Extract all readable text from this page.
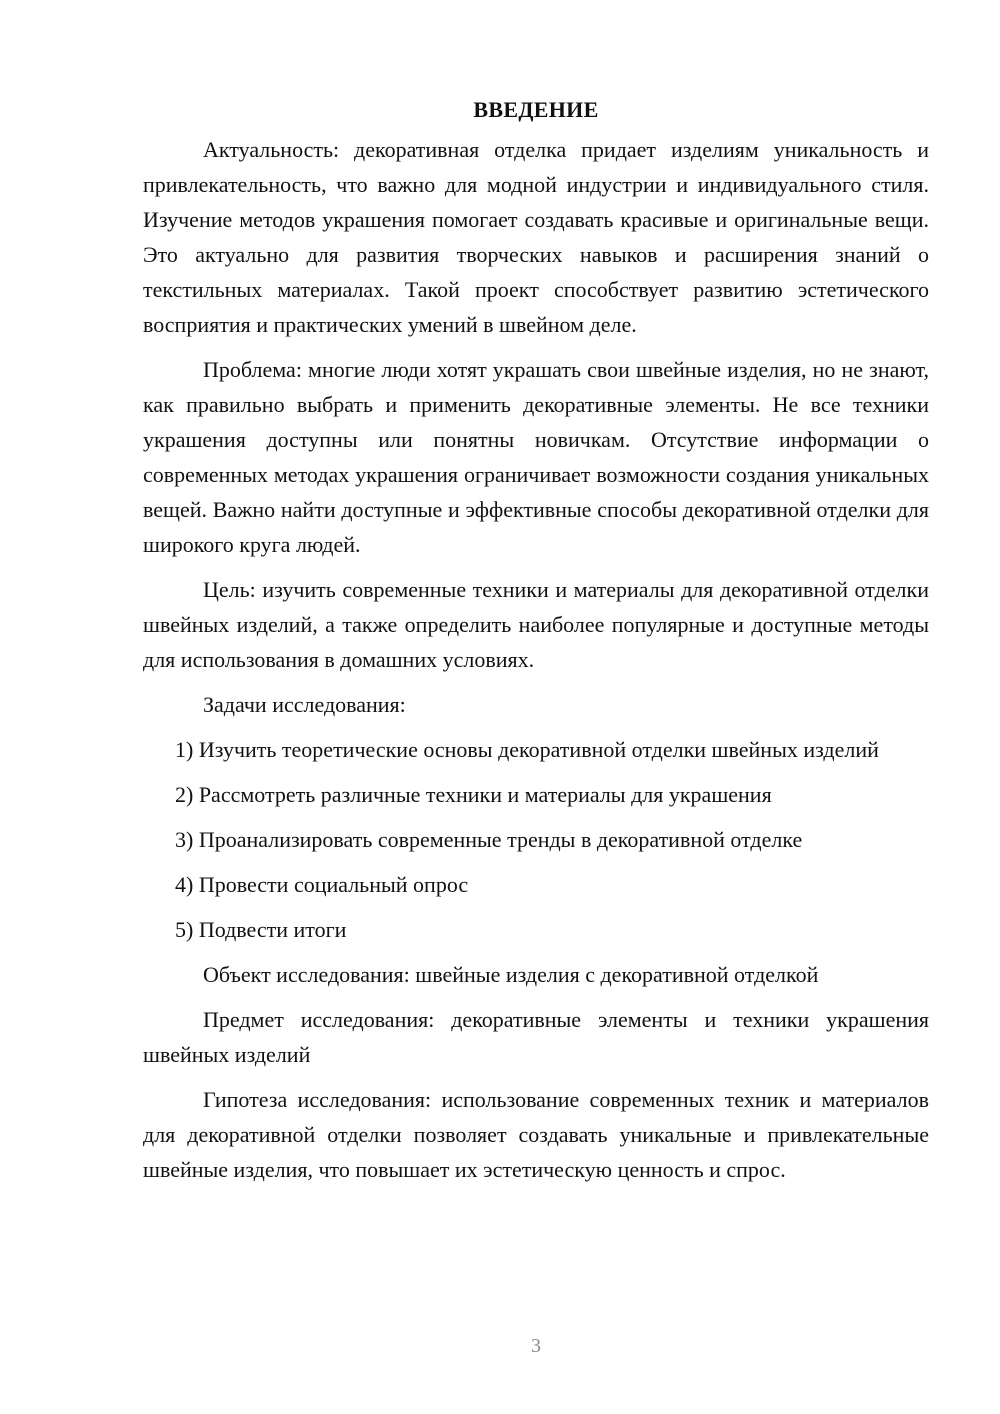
ВВЕДЕНИЕ

Актуальность: декоративная отделка придает изделиям уникальность и привлекательность, что важно для модной индустрии и индивидуального стиля. Изучение методов украшения помогает создавать красивые и оригинальные вещи. Это актуально для развития творческих навыков и расширения знаний о текстильных материалах. Такой проект способствует развитию эстетического восприятия и практических умений в швейном деле.

Проблема: многие люди хотят украшать свои швейные изделия, но не знают, как правильно выбрать и применить декоративные элементы. Не все техники украшения доступны или понятны новичкам. Отсутствие информации о современных методах украшения ограничивает возможности создания уникальных вещей. Важно найти доступные и эффективные способы декоративной отделки для широкого круга людей.

Цель: изучить современные техники и материалы для декоративной отделки швейных изделий, а также определить наиболее популярные и доступные методы для использования в домашних условиях.

Задачи исследования:

1) Изучить теоретические основы декоративной отделки швейных изделий

2) Рассмотреть различные техники и материалы для украшения

3) Проанализировать современные тренды в декоративной отделке

4) Провести социальный опрос

5) Подвести итоги

Объект исследования: швейные изделия с декоративной отделкой

Предмет исследования: декоративные элементы и техники украшения швейных изделий

Гипотеза исследования: использование современных техник и материалов для декоративной отделки позволяет создавать уникальные и привлекательные швейные изделия, что повышает их эстетическую ценность и спрос.

3
